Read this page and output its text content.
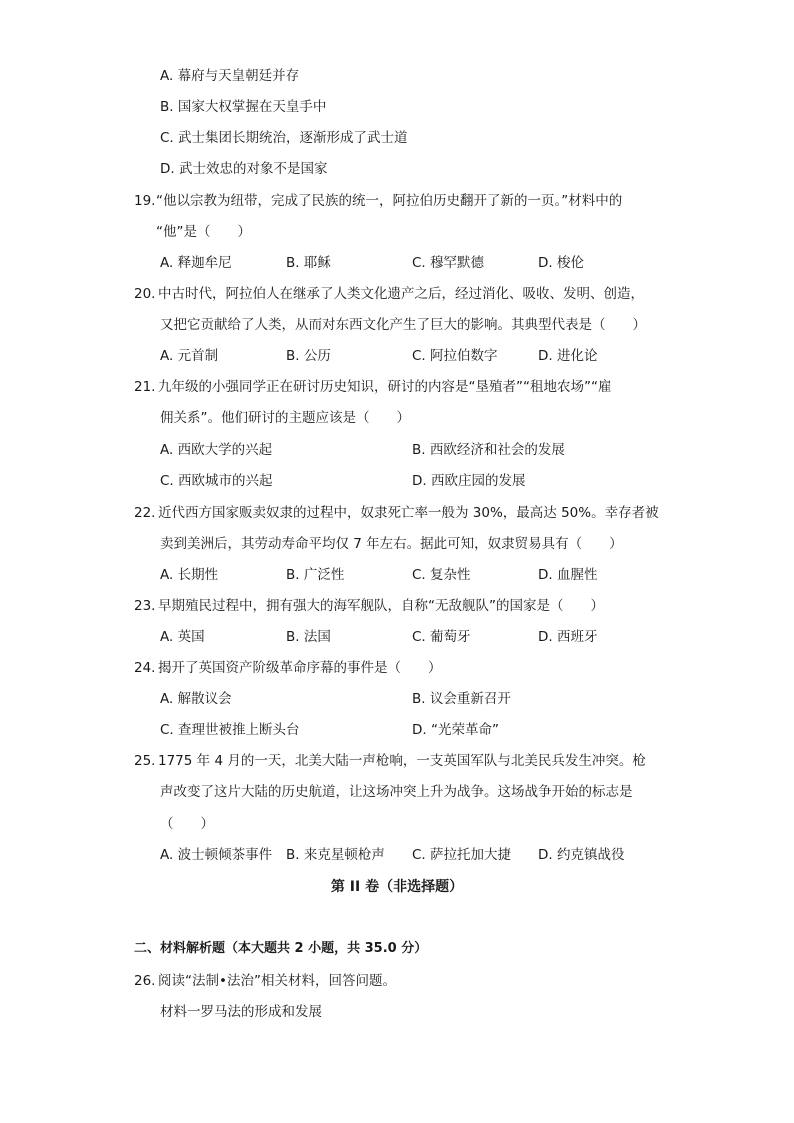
A. 幕府与天皇朝廷并存
B. 国家大权掌握在天皇手中
C. 武士集团长期统治，逐渐形成了武士道
D. 武士效忠的对象不是国家
19. “他以宗教为纽带，完成了民族的统一，阿拉伯历史翻开了新的一页。”材料中的
“他”是（　　）
A. 释迦牟尼	B. 耶稣	C. 穆罕默德	D. 梭伦
20. 中古时代，阿拉伯人在继承了人类文化遗产之后，经过消化、吸收、发明、创造，
又把它贡献给了人类，从而对东西文化产生了巨大的影响。其典型代表是（　　）
A. 元首制	B. 公历	C. 阿拉伯数字	D. 进化论
21. 九年级的小强同学正在研讨历史知识，研讨的内容是“垦殖者”“租地农场”“雇
佣关系”。他们研讨的主题应该是（　　）
A. 西欧大学的兴起	B. 西欧经济和社会的发展
C. 西欧城市的兴起	D. 西欧庄园的发展
22. 近代西方国家贩卖奴隶的过程中，奴隶死亡率一般为 30%，最高达 50%。幸存者被
卖到美洲后，其劳动寿命平均仅 7 年左右。据此可知，奴隶贸易具有（　　）
A. 长期性	B. 广泛性	C. 复杂性	D. 血腥性
23. 早期殖民过程中，拥有强大的海军舰队，自称“无敌舰队”的国家是（　　）
A. 英国	B. 法国	C. 葡萄牙	D. 西班牙
24. 揭开了英国资产阶级革命序幕的事件是（　　）
A. 解散议会	B. 议会重新召开
C. 查理世被推上断头台	D. “光荣革命”
25. 1775 年 4 月的一天，北美大陆一声枪响，一支英国军队与北美民兵发生冲突。枪
声改变了这片大陆的历史航道，让这场冲突上升为战争。这场战争开始的标志是
（　　）
A. 波士顿倾茶事件 B. 来克星顿枪声 C. 萨拉托加大捷 D. 约克镇战役
第 II 卷（非选择题）
二、材料解析题（本大题共 2 小题，共 35.0 分）
26. 阅读“法制•法治”相关材料，回答问题。
材料一罗马法的形成和发展
